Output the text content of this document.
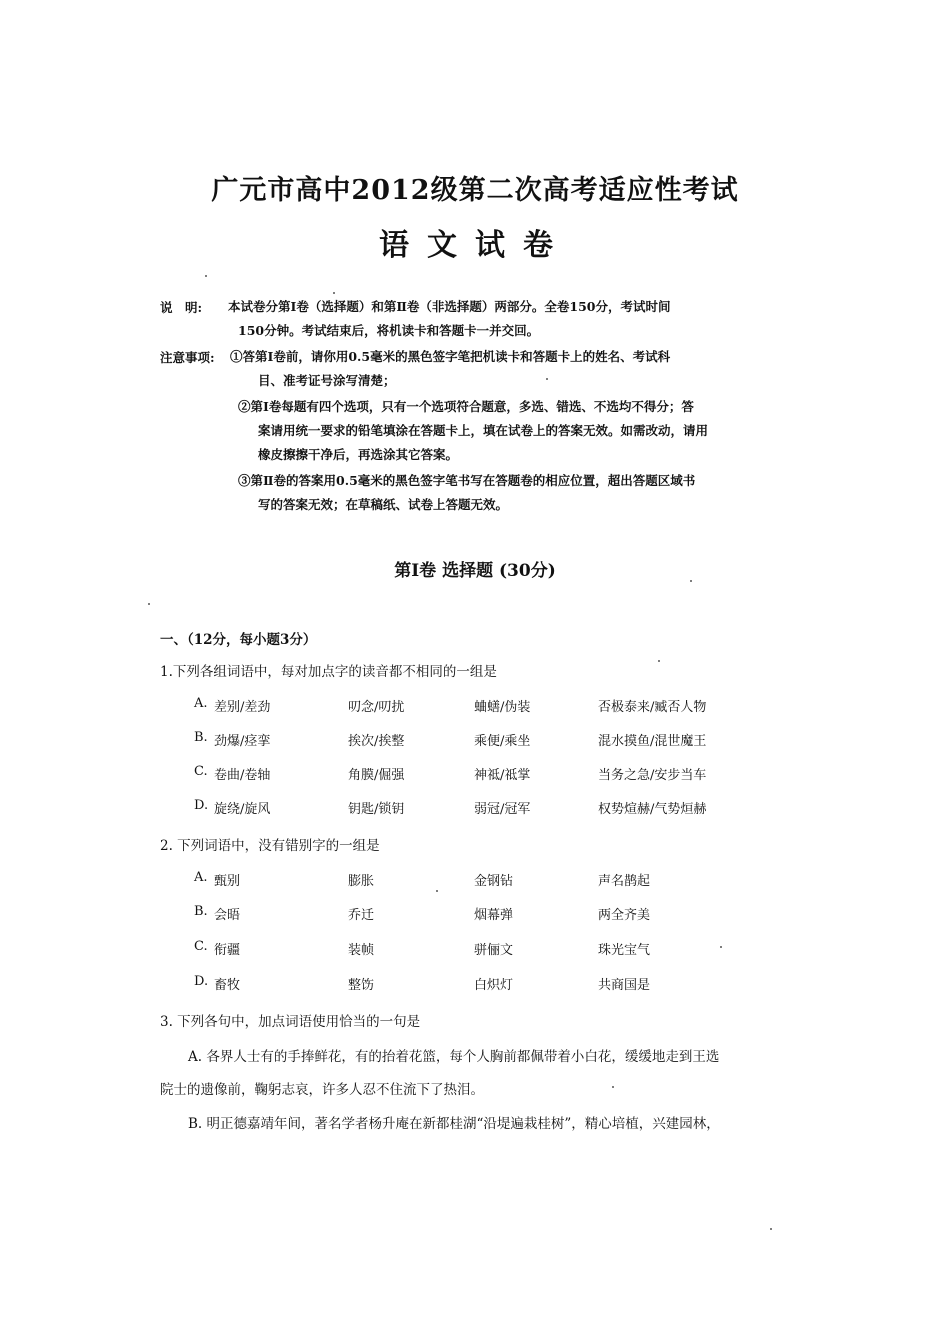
广元市高中2012级第二次高考适应性考试
语文试卷
说　明: 本试卷分第Ⅰ卷（选择题）和第Ⅱ卷（非选择题）两部分。全卷150分，考试时间
150分钟。考试结束后，将机读卡和答题卡一并交回。
注意事项: ①答第Ⅰ卷前，请你用0.5毫米的黑色签字笔把机读卡和答题卡上的姓名、考试科
目、准考证号涂写清楚；
②第Ⅰ卷每题有四个选项，只有一个选项符合题意，多选、错选、不选均不得分；答
案请用统一要求的铅笔填涂在答题卡上，填在试卷上的答案无效。如需改动，请用
橡皮擦擦干净后，再选涂其它答案。
③第Ⅱ卷的答案用0.5毫米的黑色签字笔书写在答题卷的相应位置，超出答题区域书
写的答案无效；在草稿纸、试卷上答题无效。
第Ⅰ卷 选择题 (30分)
一、（12分，每小题3分）
1.下列各组词语中，每对加点字的读音都不相同的一组是
A. 差别/差劲	叨念/叨扰	蛐蟮/伪装	否极泰来/臧否人物
B. 劲爆/痉挛	挨次/挨整	乘便/乘坐	混水摸鱼/混世魔王
C. 卷曲/卷轴	角膜/倔强	神祗/祗掌	当务之急/安步当车
D. 旋绕/旋风	钥匙/锁钥	弱冠/冠军	权势煊赫/气势烜赫
2. 下列词语中，没有错别字的一组是
A. 甄别	膨胀	金钢钻	声名鹊起
B. 会晤	乔迁	烟幕弹	两全齐美
C. 衔疆	装帧	骈俪文	珠光宝气
D. 畜牧	整饬	白炽灯	共商国是
3. 下列各句中，加点词语使用恰当的一句是
A. 各界人士有的手捧鲜花，有的抬着花篮，每个人胸前都佩带着小白花，缓缓地走到王选
院士的遗像前，鞠躬志哀，许多人忍不住流下了热泪。
B. 明正德嘉靖年间，著名学者杨升庵在新都桂湖“沿堤遍栽桂树”，精心培植，兴建园林，
